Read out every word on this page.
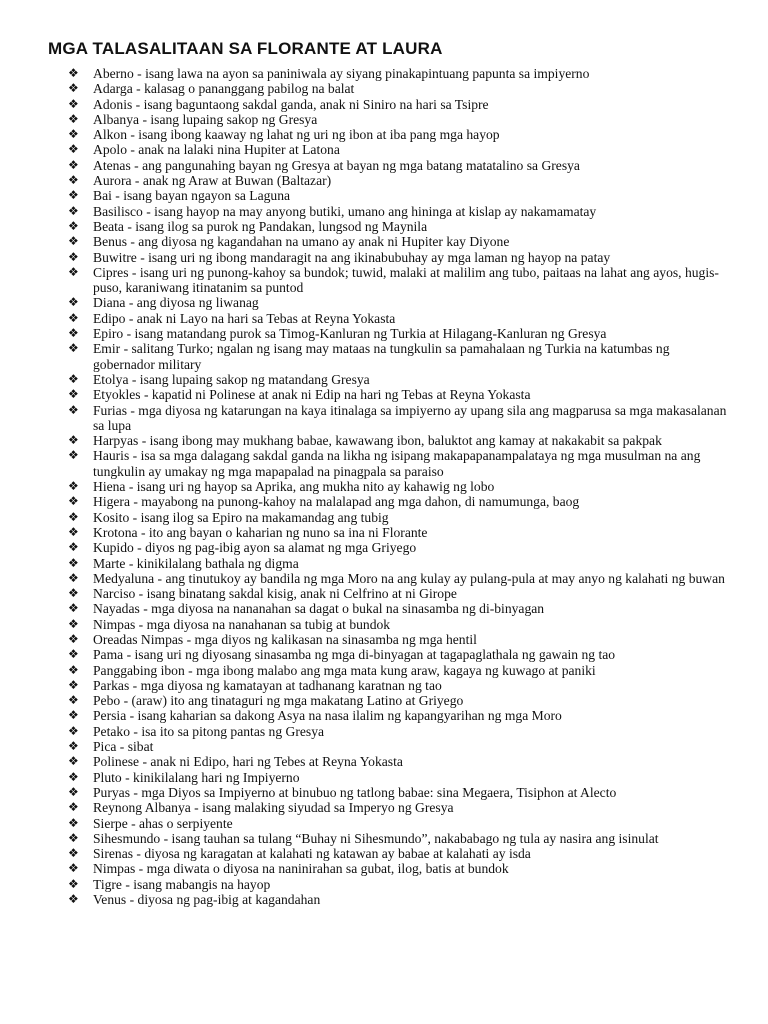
MGA TALASALITAAN SA FLORANTE AT LAURA
❖ Aberno - isang lawa na ayon sa paniniwala ay siyang pinakapintuang papunta sa impiyerno
❖ Adarga - kalasag o pananggang pabilog na balat
❖ Adonis - isang baguntaong sakdal ganda, anak ni Siniro na hari sa Tsipre
❖ Albanya - isang lupaing sakop ng Gresya
❖ Alkon - isang ibong kaaway ng lahat ng uri ng ibon at iba pang mga hayop
❖ Apolo - anak na lalaki nina Hupiter at Latona
❖ Atenas - ang pangunahing bayan ng Gresya at bayan ng mga batang matatalino sa Gresya
❖ Aurora - anak ng Araw at Buwan (Baltazar)
❖ Bai - isang bayan ngayon sa Laguna
❖ Basilisco - isang hayop na may anyong butiki, umano ang hininga at kislap ay nakamamatay
❖ Beata - isang ilog sa purok ng Pandakan, lungsod ng Maynila
❖ Benus - ang diyosa ng kagandahan na umano ay anak ni Hupiter kay Diyone
❖ Buwitre - isang uri ng ibong mandaragit na ang ikinabubuhay ay mga laman ng hayop na patay
❖ Cipres - isang uri ng punong-kahoy sa bundok; tuwid, malaki at malilim ang tubo, paitaas na lahat ang ayos, hugis-puso, karaniwang itinatanim sa puntod
❖ Diana - ang diyosa ng liwanag
❖ Edipo - anak ni Layo na hari sa Tebas at Reyna Yokasta
❖ Epiro - isang matandang purok sa Timog-Kanluran ng Turkia at Hilagang-Kanluran ng Gresya
❖ Emir - salitang Turko; ngalan ng isang may mataas na tungkulin sa pamahalaan ng Turkia na katumbas ng gobernador military
❖ Etolya - isang lupaing sakop ng matandang Gresya
❖ Etyokles - kapatid ni Polinese at anak ni Edip na hari ng Tebas at Reyna Yokasta
❖ Furias - mga diyosa ng katarungan na kaya itinalaga sa impiyerno ay upang sila ang magparusa sa mga makasalanan sa lupa
❖ Harpyas - isang ibong may mukhang babae, kawawang ibon, baluktot ang kamay at nakakabit sa pakpak
❖ Hauris - isa sa mga dalagang sakdal ganda na likha ng isipang makapapanampalataya ng mga musulman na ang tungkulin ay umakay ng mga mapapalad na pinagpala sa paraiso
❖ Hiena - isang uri ng hayop sa Aprika, ang mukha nito ay kahawig ng lobo
❖ Higera - mayabong na punong-kahoy na malalapad ang mga dahon, di namumunga, baog
❖ Kosito - isang ilog sa Epiro na makamandag ang tubig
❖ Krotona - ito ang bayan o kaharian ng nuno sa ina ni Florante
❖ Kupido - diyos ng pag-ibig ayon sa alamat ng mga Griyego
❖ Marte - kinikilalang bathala ng digma
❖ Medyaluna - ang tinutukoy ay bandila ng mga Moro na ang kulay ay pulang-pula at may anyo ng kalahati ng buwan
❖ Narciso - isang binatang sakdal kisig, anak ni Celfrino at ni Girope
❖ Nayadas - mga diyosa na nananahan sa dagat o bukal na sinasamba ng di-binyagan
❖ Nimpas - mga diyosa na nanahanan sa tubig at bundok
❖ Oreadas Nimpas - mga diyos ng kalikasan na sinasamba ng mga hentil
❖ Pama - isang uri ng diyosang sinasamba ng mga di-binyagan at tagapaglathala ng gawain ng tao
❖ Panggabing ibon - mga ibong malabo ang mga mata kung araw, kagaya ng kuwago at paniki
❖ Parkas - mga diyosa ng kamatayan at tadhanang karatnan ng tao
❖ Pebo - (araw) ito ang tinataguri ng mga makatang Latino at Griyego
❖ Persia - isang kaharian sa dakong Asya na nasa ilalim ng kapangyarihan ng mga Moro
❖ Petako - isa ito sa pitong pantas ng Gresya
❖ Pica - sibat
❖ Polinese - anak ni Edipo, hari ng Tebes at Reyna Yokasta
❖ Pluto - kinikilalang hari ng Impiyerno
❖ Puryas - mga Diyos sa Impiyerno at binubuo ng tatlong babae: sina Megaera, Tisiphon at Alecto
❖ Reynong Albanya - isang malaking siyudad sa Imperyo ng Gresya
❖ Sierpe - ahas o serpiyente
❖ Sihesmundo - isang tauhan sa tulang “Buhay ni Sihesmundo”, nakababago ng tula ay nasira ang isinulat
❖ Sirenas - diyosa ng karagatan at kalahati ng katawan ay babae at kalahati ay isda
❖ Nimpas - mga diwata o diyosa na naninirahan sa gubat, ilog, batis at bundok
❖ Tigre - isang mabangis na hayop
❖ Venus - diyosa ng pag-ibig at kagandahan
